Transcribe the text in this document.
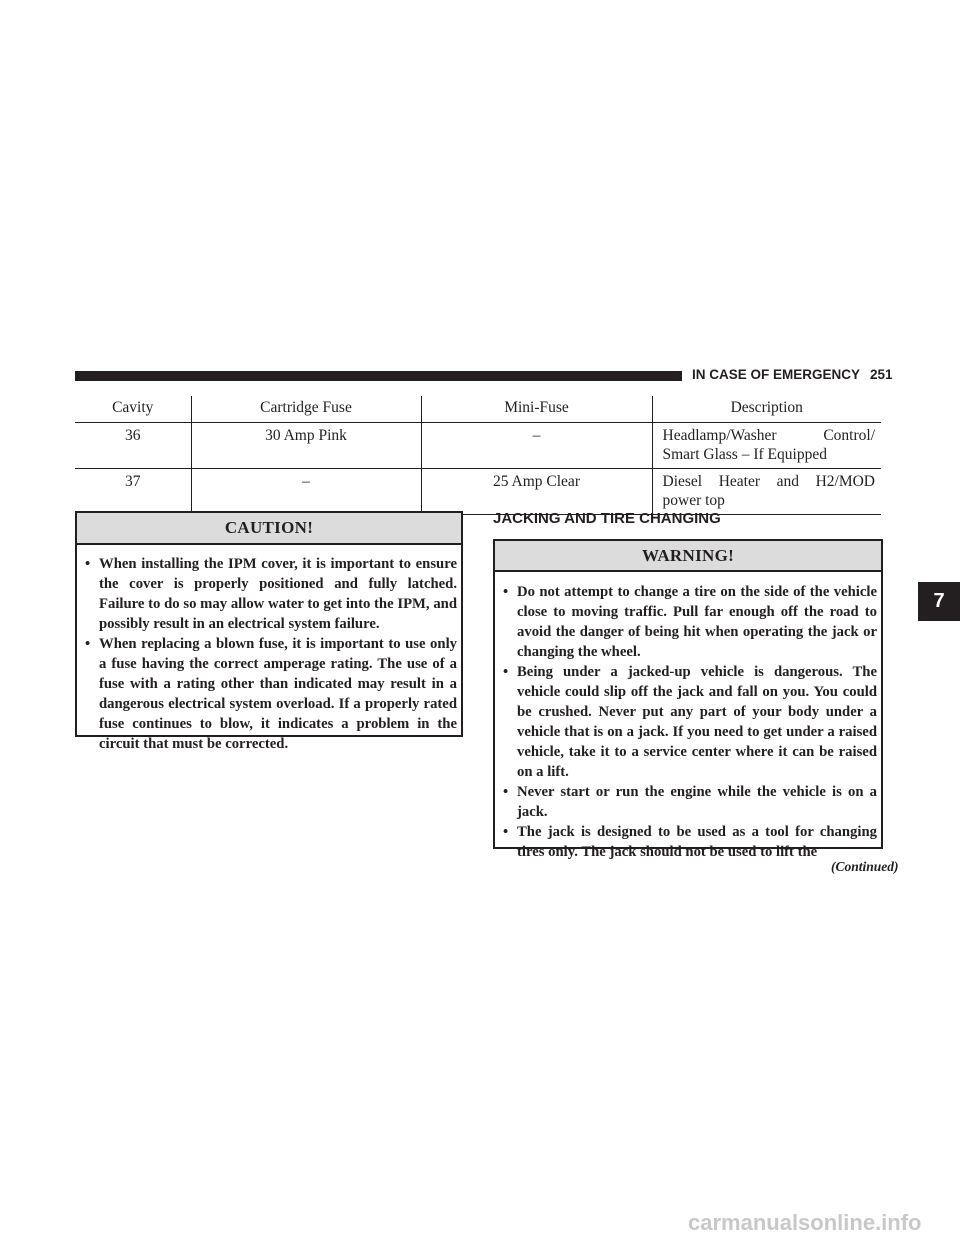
IN CASE OF EMERGENCY 251
Cavity	Cartridge Fuse	Mini-Fuse	Description
36	30 Amp Pink	–	Headlamp/Washer Control/
Smart Glass – If Equipped
37	–	25 Amp Clear	Diesel Heater and H2/MOD
power top
CAUTION!
• When installing the IPM cover, it is important to ensure the cover is properly positioned and fully latched. Failure to do so may allow water to get into the IPM, and possibly result in an electrical system failure.
• When replacing a blown fuse, it is important to use only a fuse having the correct amperage rating. The use of a fuse with a rating other than indicated may result in a dangerous electrical system overload. If a properly rated fuse continues to blow, it indicates a problem in the circuit that must be corrected.
JACKING AND TIRE CHANGING
WARNING!
• Do not attempt to change a tire on the side of the vehicle close to moving traffic. Pull far enough off the road to avoid the danger of being hit when operating the jack or changing the wheel.
• Being under a jacked-up vehicle is dangerous. The vehicle could slip off the jack and fall on you. You could be crushed. Never put any part of your body under a vehicle that is on a jack. If you need to get under a raised vehicle, take it to a service center where it can be raised on a lift.
• Never start or run the engine while the vehicle is on a jack.
• The jack is designed to be used as a tool for changing tires only. The jack should not be used to lift the
(Continued)
7
carmanualsonline.info
